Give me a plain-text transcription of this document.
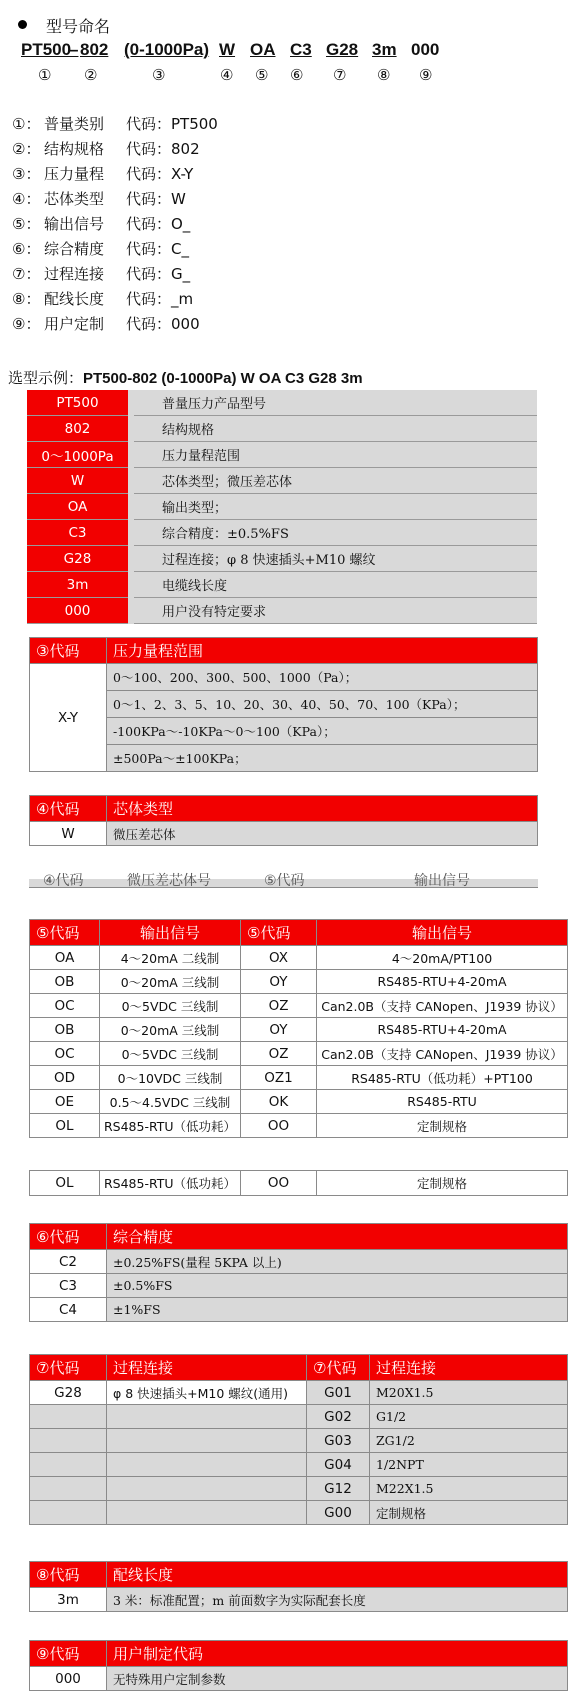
型号命名
PT500
– 802 (0-1000Pa) W OA C3 G28 3m 000
① ②	③	④ ⑤ ⑥ ⑦ ⑧ ⑨
①： 普量类别 代码：PT500
②： 结构规格 代码：802
③： 压力量程 代码：X-Y
④： 芯体类型 代码：W
⑤： 输出信号 代码：O_
⑥： 综合精度 代码：C_
⑦： 过程连接 代码：G_
⑧： 配线长度 代码：_m
⑨： 用户定制 代码：000
选型示例：PT500-802 (0-1000Pa) W OA C3 G28 3m
PT500	普量压力产品型号
802	结构规格
0～1000Pa	压力量程范围
W	芯体类型；微压差芯体
OA	输出类型；
C3	综合精度：±0.5%FS
G28	过程连接；φ 8 快速插头+M10 螺纹
3m	电缆线长度
000	用户没有特定要求
③代码	压力量程范围
X-Y	0～100、200、300、500、1000（Pa）；
	0～1、2、3、5、10、20、30、40、50、70、100（KPa）；
	-100KPa～-10KPa～0～100（KPa）；
	±500Pa～±100KPa；
④代码	芯体类型
W	微压差芯体
④代码	微压差芯体号	⑤代码	输出信号
⑤代码	输出信号	⑤代码	输出信号
OA	4～20mA 二线制	OX	4～20mA/PT100
OB	0～20mA 三线制	OY	RS485-RTU+4-20mA
OC	0～5VDC 三线制	OZ	Can2.0B（支持 CANopen、J1939 协议）
OB	0～20mA 三线制	OY	RS485-RTU+4-20mA
OC	0～5VDC 三线制	OZ	Can2.0B（支持 CANopen、J1939 协议）
OD	0～10VDC 三线制	OZ1	RS485-RTU（低功耗）+PT100
OE	0.5～4.5VDC 三线制	OK	RS485-RTU
OL	RS485-RTU（低功耗）	OO	定制规格
OL	RS485-RTU（低功耗）	OO	定制规格
⑥代码	综合精度
C2	±0.25%FS(量程 5KPA 以上)
C3	±0.5%FS
C4	±1%FS
⑦代码	过程连接	⑦代码	过程连接
G28	φ 8 快速插头+M10 螺纹(通用)	G01	M20X1.5
		G02	G1/2
		G03	ZG1/2
		G04	1/2NPT
		G12	M22X1.5
		G00	定制规格
⑧代码	配线长度
3m	3 米：标准配置；m 前面数字为实际配套长度
⑨代码	用户制定代码
000	无特殊用户定制参数
